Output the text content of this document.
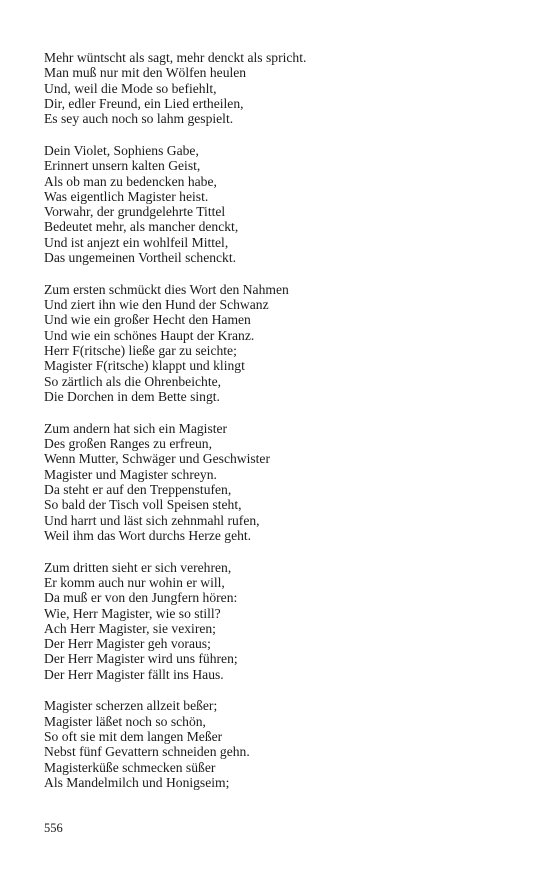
Mehr wüntscht als sagt, mehr denckt als spricht.
Man muß nur mit den Wölfen heulen
Und, weil die Mode so befiehlt,
Dir, edler Freund, ein Lied ertheilen,
Es sey auch noch so lahm gespielt.
Dein Violet, Sophiens Gabe,
Erinnert unsern kalten Geist,
Als ob man zu bedencken habe,
Was eigentlich Magister heist.
Vorwahr, der grundgelehrte Tittel
Bedeutet mehr, als mancher denckt,
Und ist anjezt ein wohlfeil Mittel,
Das ungemeinen Vortheil schenckt.
Zum ersten schmückt dies Wort den Nahmen
Und ziert ihn wie den Hund der Schwanz
Und wie ein großer Hecht den Hamen
Und wie ein schönes Haupt der Kranz.
Herr F(ritsche) ließe gar zu seichte;
Magister F(ritsche) klappt und klingt
So zärtlich als die Ohrenbeichte,
Die Dorchen in dem Bette singt.
Zum andern hat sich ein Magister
Des großen Ranges zu erfreun,
Wenn Mutter, Schwäger und Geschwister
Magister und Magister schreyn.
Da steht er auf den Treppenstufen,
So bald der Tisch voll Speisen steht,
Und harrt und läst sich zehnmahl rufen,
Weil ihm das Wort durchs Herze geht.
Zum dritten sieht er sich verehren,
Er komm auch nur wohin er will,
Da muß er von den Jungfern hören:
Wie, Herr Magister, wie so still?
Ach Herr Magister, sie vexiren;
Der Herr Magister geh voraus;
Der Herr Magister wird uns führen;
Der Herr Magister fällt ins Haus.
Magister scherzen allzeit beßer;
Magister läßet noch so schön,
So oft sie mit dem langen Meßer
Nebst fünf Gevattern schneiden gehn.
Magisterküße schmecken süßer
Als Mandelmilch und Honigseim;
556
